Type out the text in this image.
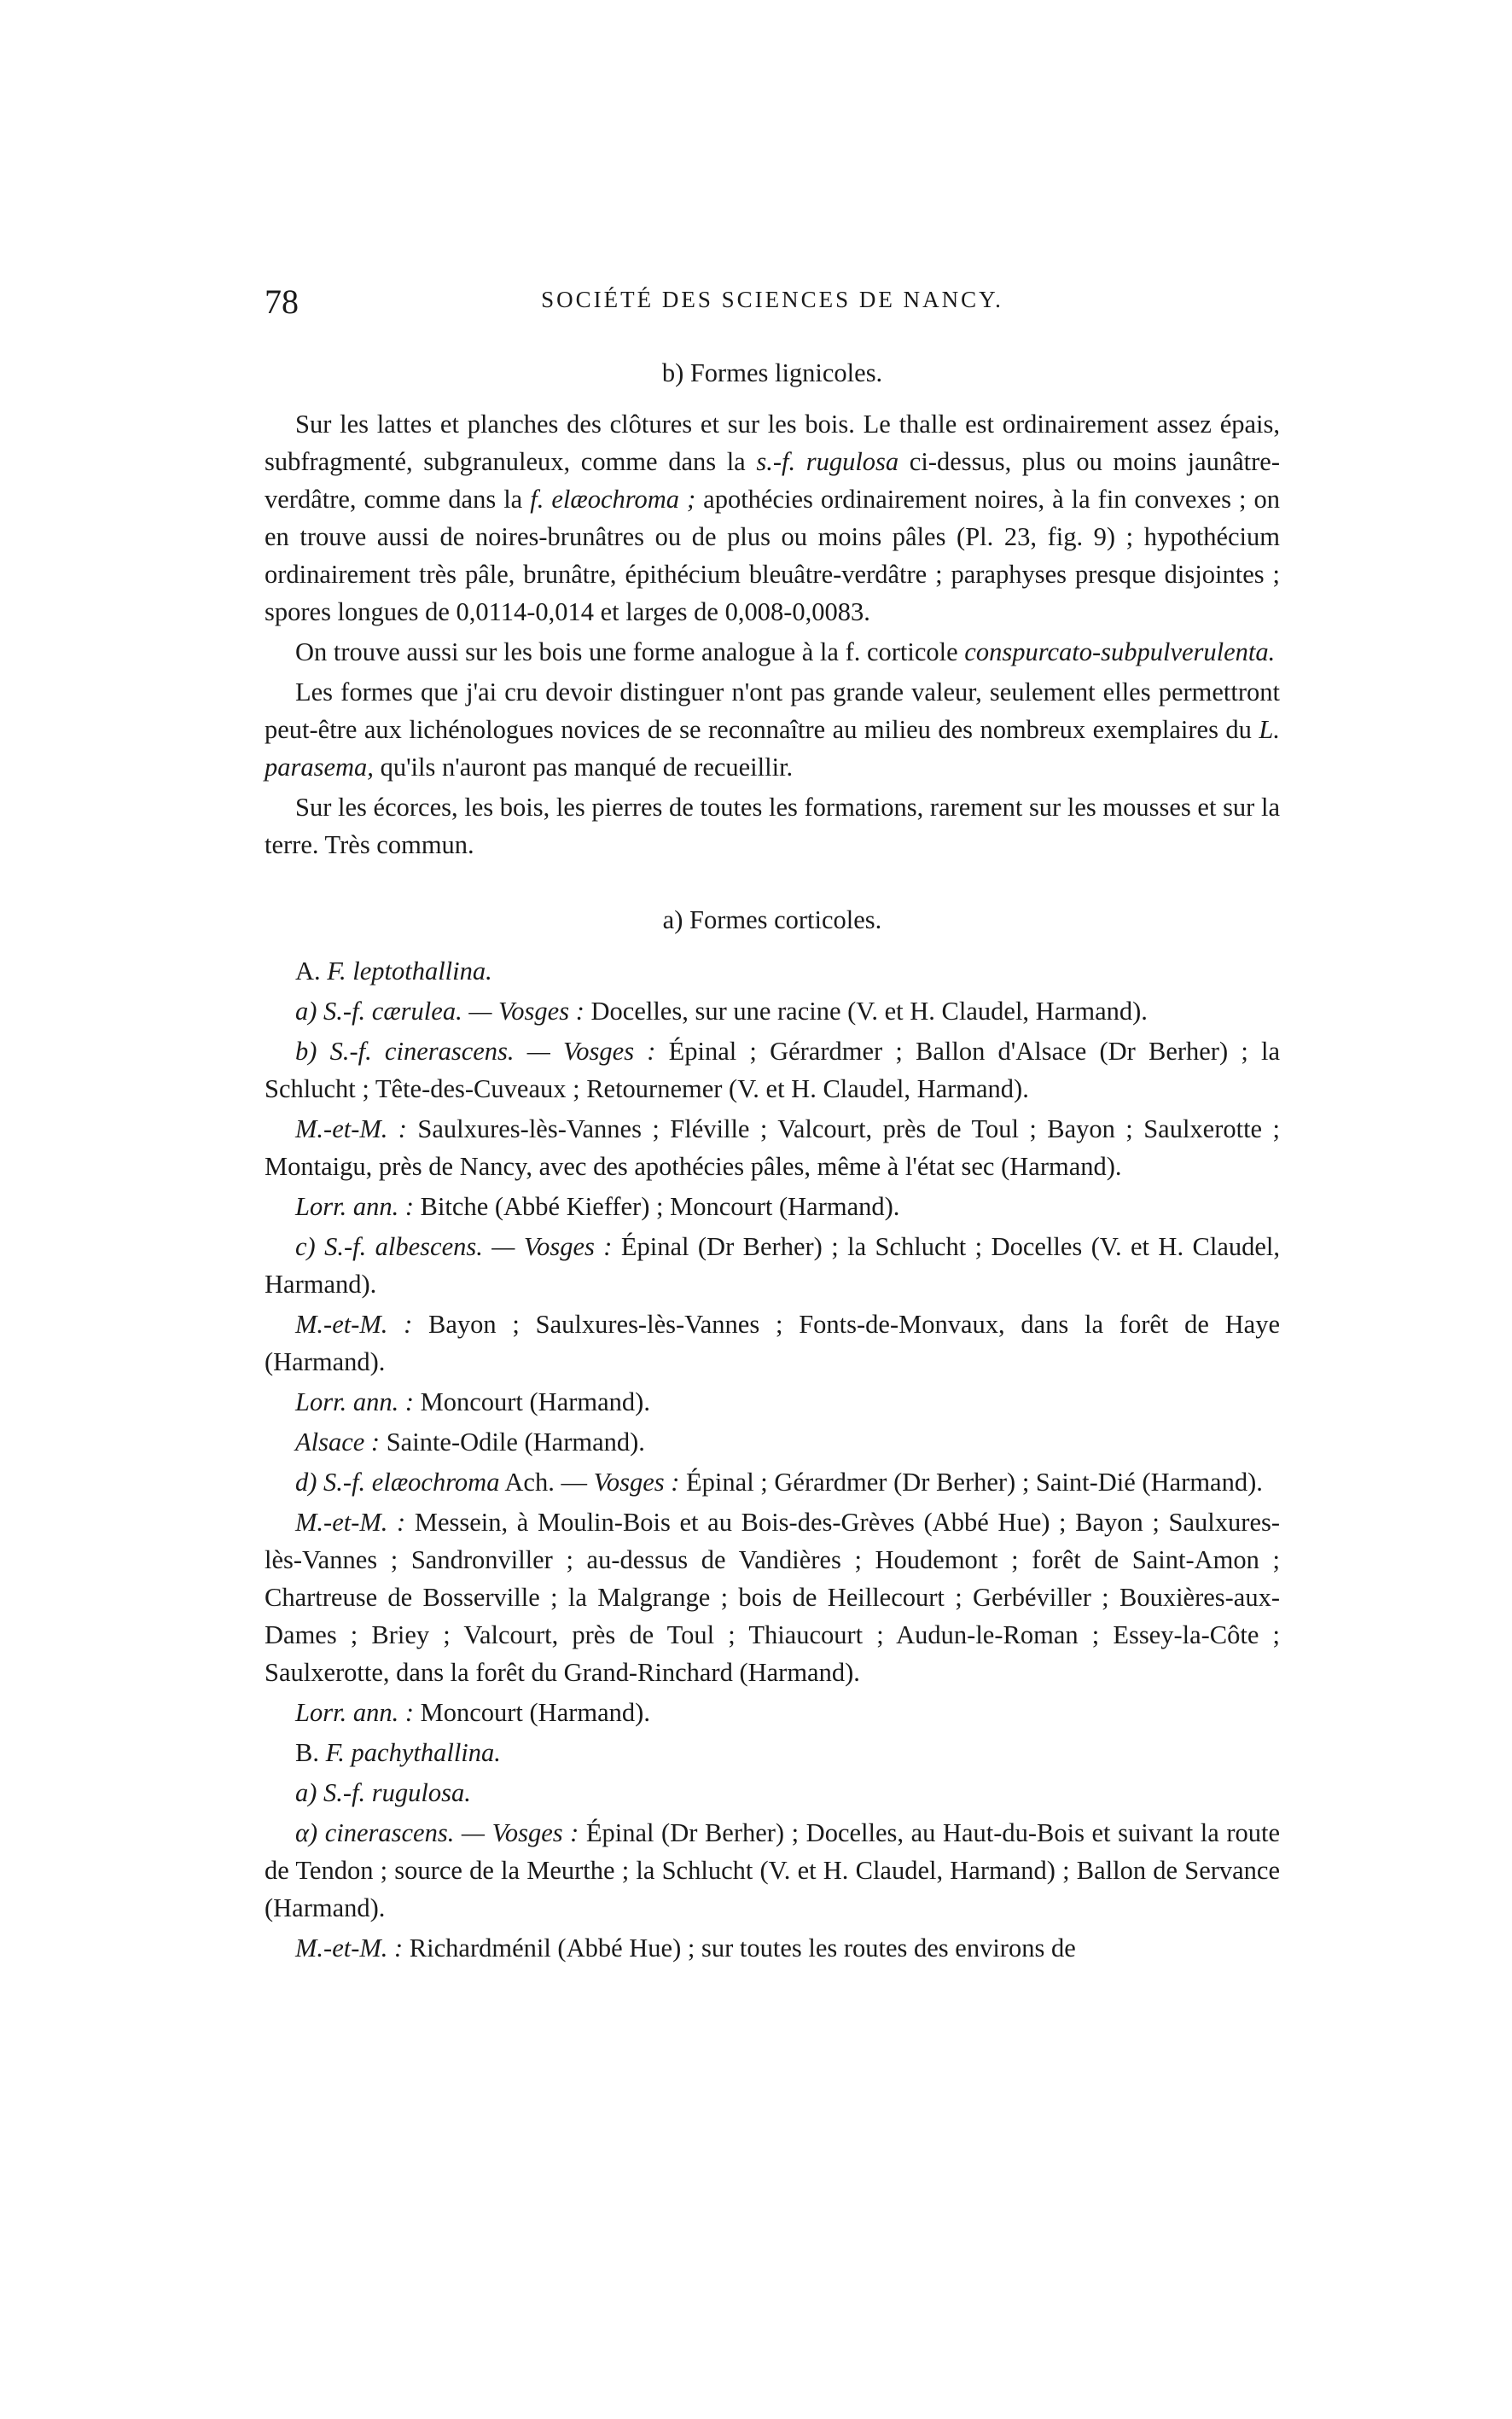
78	SOCIÉTÉ DES SCIENCES DE NANCY.
b) Formes lignicoles.

Sur les lattes et planches des clôtures et sur les bois. Le thalle est ordinairement assez épais, subfragmenté, subgranuleux, comme dans la s.-f. rugulosa ci-dessus, plus ou moins jaunâtre-verdâtre, comme dans la f. elæochroma ; apothécies ordinairement noires, à la fin convexes ; on en trouve aussi de noires-brunâtres ou de plus ou moins pâles (Pl. 23, fig. 9) ; hypothécium ordinairement très pâle, brunâtre, épithécium bleuâtre-verdâtre ; paraphyses presque disjointes ; spores longues de 0,0114-0,014 et larges de 0,008-0,0083.

On trouve aussi sur les bois une forme analogue à la f. corticole conspurcato-subpulverulenta.

Les formes que j'ai cru devoir distinguer n'ont pas grande valeur, seulement elles permettront peut-être aux lichénologues novices de se reconnaître au milieu des nombreux exemplaires du L. parasema, qu'ils n'auront pas manqué de recueillir.

Sur les écorces, les bois, les pierres de toutes les formations, rarement sur les mousses et sur la terre. Très commun.

a) Formes corticoles.

A. F. leptothallina.

a) S.-f. cærulea. — Vosges : Docelles, sur une racine (V. et H. Claudel, Harmand).

b) S.-f. cinerascens. — Vosges : Épinal ; Gérardmer ; Ballon d'Alsace (Dr Berher) ; la Schlucht ; Tête-des-Cuveaux ; Retournemer (V. et H. Claudel, Harmand).

M.-et-M. : Saulxures-lès-Vannes ; Fléville ; Valcourt, près de Toul ; Bayon ; Saulxerotte ; Montaigu, près de Nancy, avec des apothécies pâles, même à l'état sec (Harmand).

Lorr. ann. : Bitche (Abbé Kieffer) ; Moncourt (Harmand).

c) S.-f. albescens. — Vosges : Épinal (Dr Berher) ; la Schlucht ; Docelles (V. et H. Claudel, Harmand).

M.-et-M. : Bayon ; Saulxures-lès-Vannes ; Fonts-de-Monvaux, dans la forêt de Haye (Harmand).

Lorr. ann. : Moncourt (Harmand).

Alsace : Sainte-Odile (Harmand).

d) S.-f. elæochroma Ach. — Vosges : Épinal ; Gérardmer (Dr Berher) ; Saint-Dié (Harmand).

M.-et-M. : Messein, à Moulin-Bois et au Bois-des-Grèves (Abbé Hue) ; Bayon ; Saulxures-lès-Vannes ; Sandronviller ; au-dessus de Vandières ; Houdemont ; forêt de Saint-Amon ; Chartreuse de Bosserville ; la Malgrange ; bois de Heillecourt ; Gerbéviller ; Bouxières-aux-Dames ; Briey ; Valcourt, près de Toul ; Thiaucourt ; Audun-le-Roman ; Essey-la-Côte ; Saulxerotte, dans la forêt du Grand-Rinchard (Harmand).

Lorr. ann. : Moncourt (Harmand).

B. F. pachythallina.

a) S.-f. rugulosa.

α) cinerascens. — Vosges : Épinal (Dr Berher) ; Docelles, au Haut-du-Bois et suivant la route de Tendon ; source de la Meurthe ; la Schlucht (V. et H. Claudel, Harmand) ; Ballon de Servance (Harmand).

M.-et-M. : Richardménil (Abbé Hue) ; sur toutes les routes des environs de
